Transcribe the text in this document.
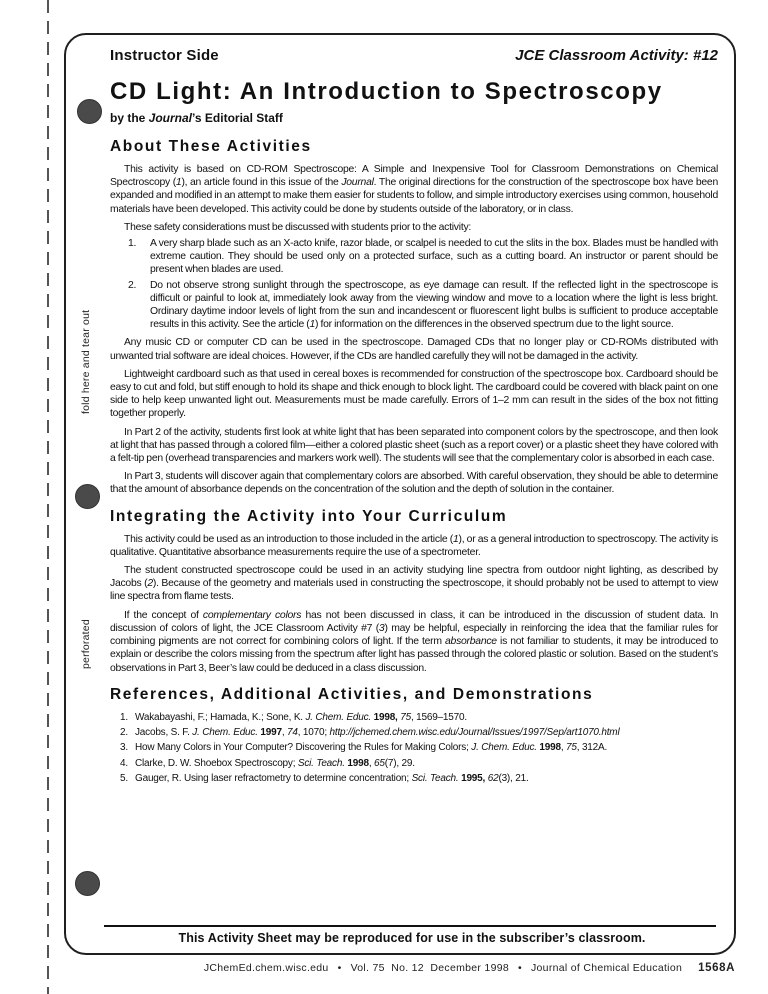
fold here and tear out
perforated
Instructor Side	JCE Classroom Activity: #12
CD Light: An Introduction to Spectroscopy
by the Journal’s Editorial Staff
About These Activities

This activity is based on CD-ROM Spectroscope: A Simple and Inexpensive Tool for Classroom Demonstrations on Chemical Spectroscopy (1), an article found in this issue of the Journal. The original directions for the construction of the spectroscope box have been expanded and modified in an attempt to make them easier for students to follow, and simple introductory exercises using common, household materials have been developed. This activity could be done by students outside of the laboratory, or in class.

These safety considerations must be discussed with students prior to the activity:

1.	A very sharp blade such as an X-acto knife, razor blade, or scalpel is needed to cut the slits in the box. Blades must be handled with extreme caution. They should be used only on a protected surface, such as a cutting board. An instructor or parent should be present when blades are used.
2.	Do not observe strong sunlight through the spectroscope, as eye damage can result. If the reflected light in the spectroscope is difficult or painful to look at, immediately look away from the viewing window and move to a location where the light is less bright. Ordinary daytime indoor levels of light from the sun and incandescent or fluorescent light bulbs is sufficient to produce acceptable results in this activity. See the article (1) for information on the differences in the observed spectrum due to the light source.

Any music CD or computer CD can be used in the spectroscope. Damaged CDs that no longer play or CD-ROMs distributed with unwanted trial software are ideal choices. However, if the CDs are handled carefully they will not be damaged in the activity.

Lightweight cardboard such as that used in cereal boxes is recommended for construction of the spectroscope box. Cardboard should be easy to cut and fold, but stiff enough to hold its shape and thick enough to block light. The cardboard could be covered with black paint on one side to help keep unwanted light out. Measurements must be made carefully. Errors of 1–2 mm can result in the sides of the box not fitting together properly.

In Part 2 of the activity, students first look at white light that has been separated into component colors by the spectroscope, and then look at light that has passed through a colored film—either a colored plastic sheet (such as a report cover) or a plastic sheet they have colored with a felt-tip pen (overhead transparencies and markers work well). The students will see that the complementary color is absorbed in each case.

In Part 3, students will discover again that complementary colors are absorbed. With careful observation, they should be able to determine that the amount of absorbance depends on the concentration of the solution and the depth of solution in the container.

Integrating the Activity into Your Curriculum

This activity could be used as an introduction to those included in the article (1), or as a general introduction to spectroscopy. The activity is qualitative. Quantitative absorbance measurements require the use of a spectrometer.

The student constructed spectroscope could be used in an activity studying line spectra from outdoor night lighting, as described by Jacobs (2). Because of the geometry and materials used in constructing the spectroscope, it should probably not be used to attempt to view line spectra from flame tests.

If the concept of complementary colors has not been discussed in class, it can be introduced in the discussion of student data. In discussion of colors of light, the JCE Classroom Activity #7 (3) may be helpful, especially in reinforcing the idea that the familiar rules for combining pigments are not correct for combining colors of light. If the term absorbance is not familiar to students, it may be introduced to explain or describe the colors missing from the spectrum after light has passed through the colored plastic or solution. Based on the student’s observations in Part 3, Beer’s law could be deduced in a class discussion.

References, Additional Activities, and Demonstrations
1. Wakabayashi, F.; Hamada, K.; Sone, K. J. Chem. Educ. 1998, 75, 1569–1570.
2. Jacobs, S. F. J. Chem. Educ. 1997, 74, 1070; http://jchemed.chem.wisc.edu/Journal/Issues/1997/Sep/art1070.html
3. How Many Colors in Your Computer? Discovering the Rules for Making Colors; J. Chem. Educ. 1998, 75, 312A.
4. Clarke, D. W. Shoebox Spectroscopy; Sci. Teach. 1998, 65(7), 29.
5. Gauger, R. Using laser refractometry to determine concentration; Sci. Teach. 1995, 62(3), 21.
This Activity Sheet may be reproduced for use in the subscriber’s classroom.
JChemEd.chem.wisc.edu • Vol. 75  No. 12  December 1998 • Journal of Chemical Education 1568A
